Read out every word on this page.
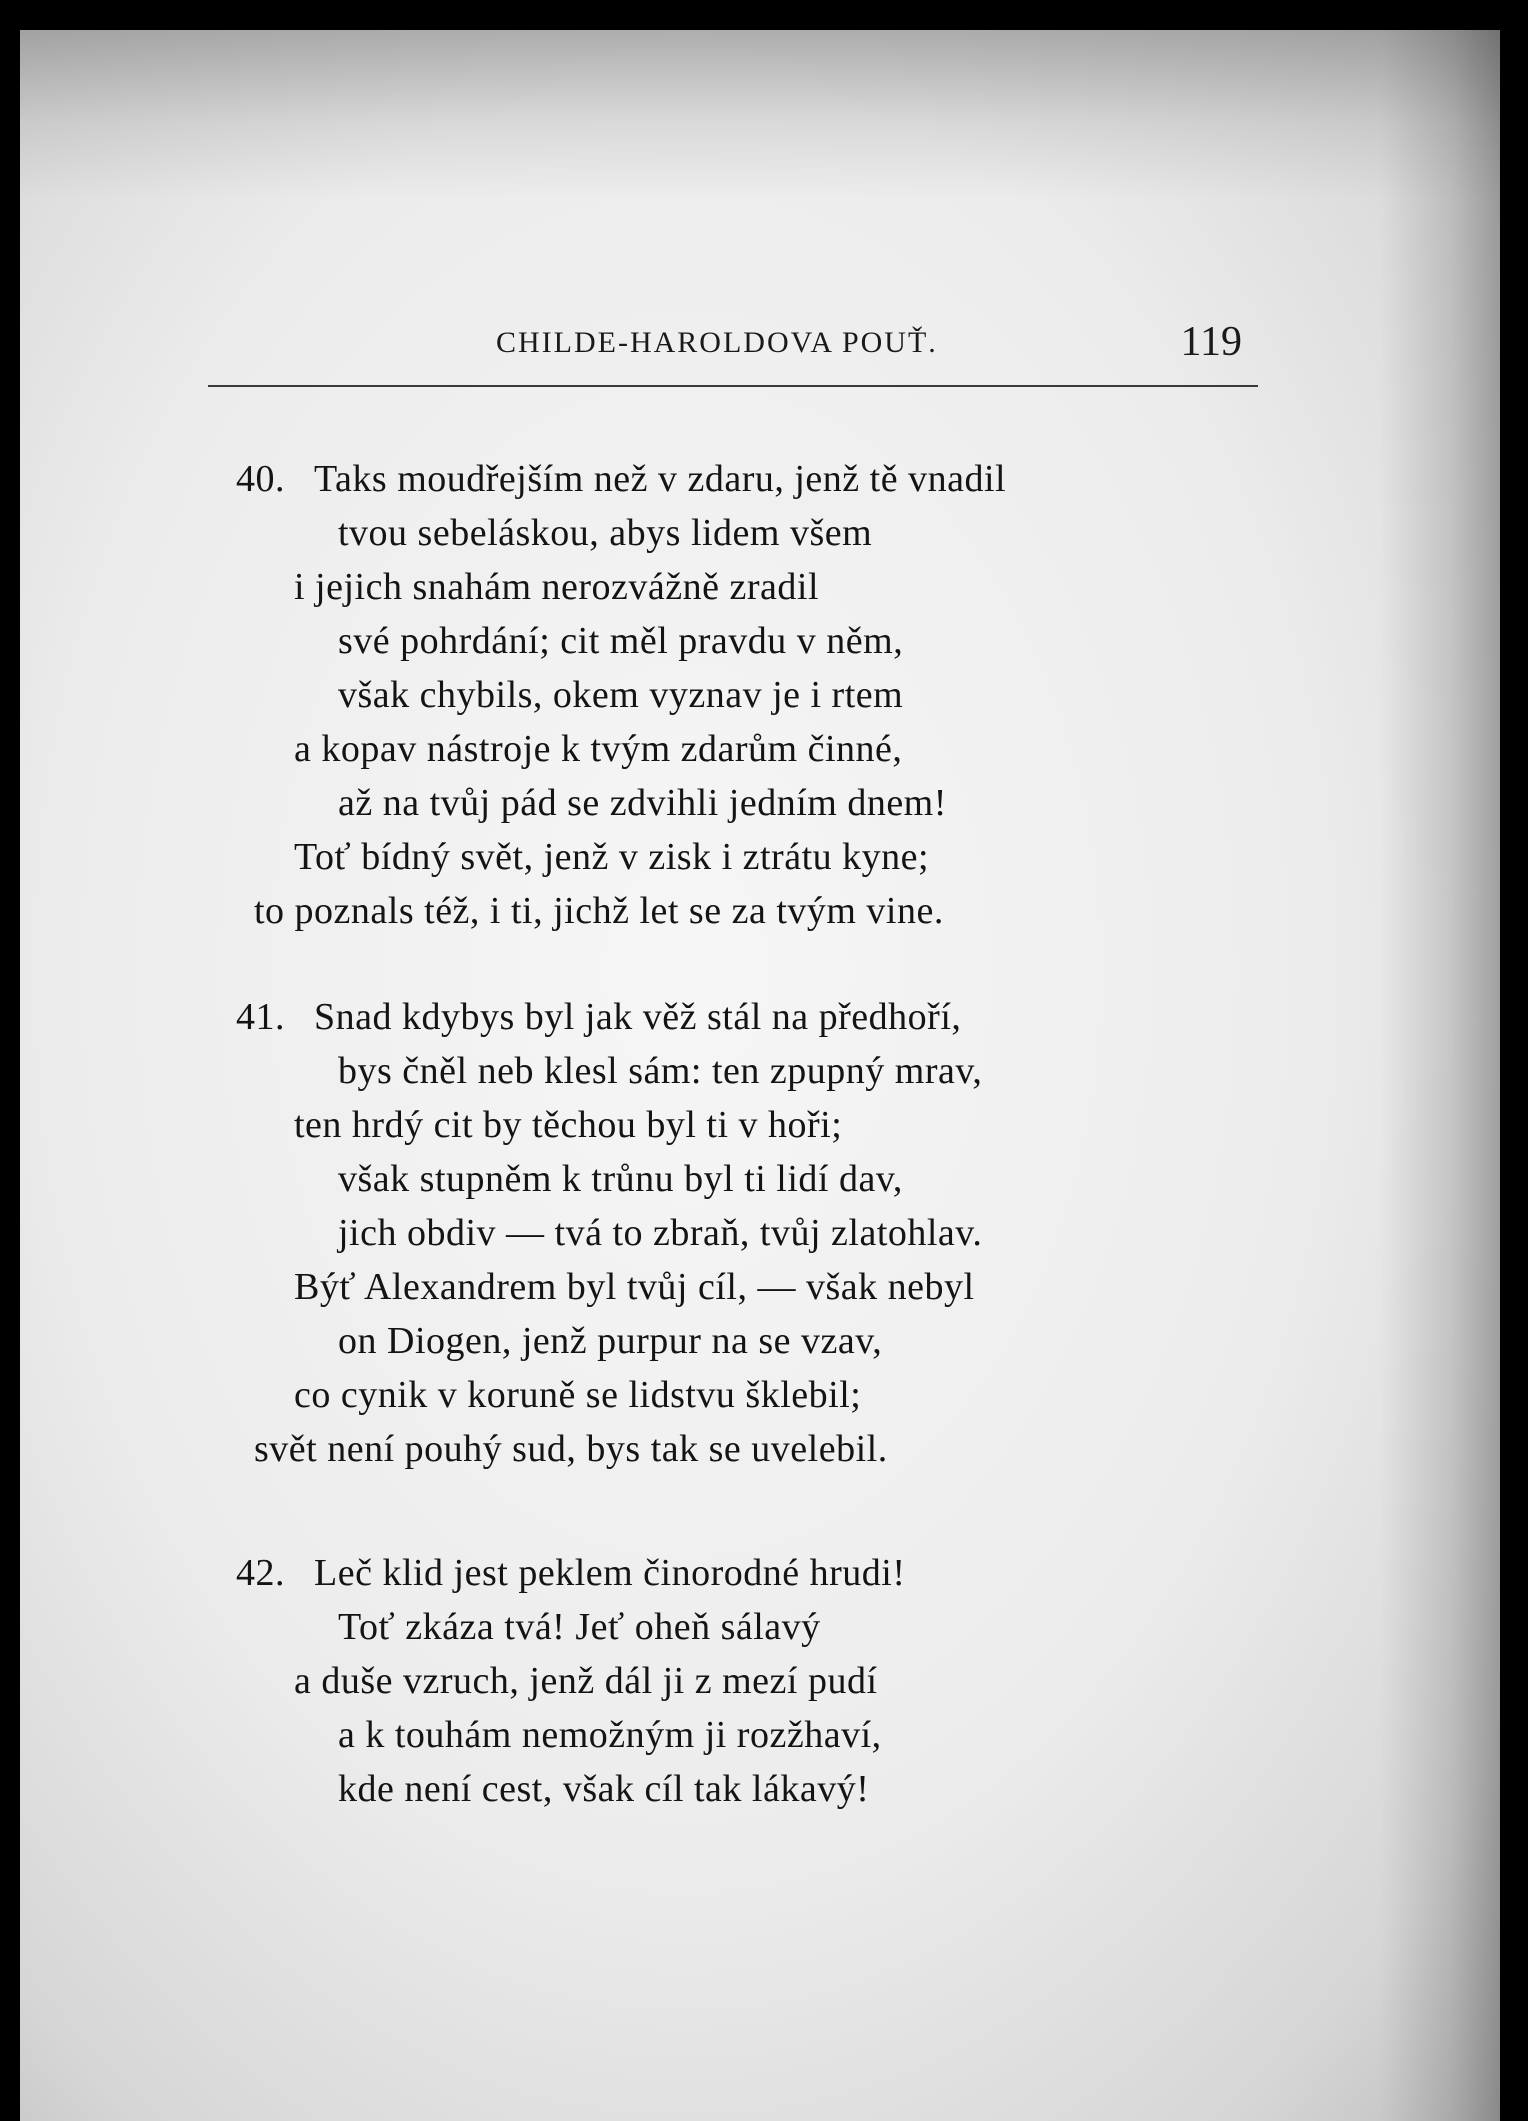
CHILDE-HAROLDOVA POUŤ.	119
40. Taks moudřejším než v zdaru, jenž tě vnadil
tvou sebeláskou, abys lidem všem
i jejich snahám nerozvážně zradil
své pohrdání; cit měl pravdu v něm,
však chybils, okem vyznav je i rtem
a kopav nástroje k tvým zdarům činné,
až na tvůj pád se zdvihli jedním dnem!
Toť bídný svět, jenž v zisk i ztrátu kyne;
to poznals též, i ti, jichž let se za tvým vine.
41. Snad kdybys byl jak věž stál na předhoří,
bys čněl neb klesl sám: ten zpupný mrav,
ten hrdý cit by těchou byl ti v hoři;
však stupněm k trůnu byl ti lidí dav,
jich obdiv — tvá to zbraň, tvůj zlatohlav.
Býť Alexandrem byl tvůj cíl, — však nebyl
on Diogen, jenž purpur na se vzav,
co cynik v koruně se lidstvu šklebil;
svět není pouhý sud, bys tak se uvelebil.
42. Leč klid jest peklem činorodné hrudi!
Toť zkáza tvá! Jeť oheň sálavý
a duše vzruch, jenž dál ji z mezí pudí
a k touhám nemožným ji rozžhaví,
kde není cest, však cíl tak lákavý!
